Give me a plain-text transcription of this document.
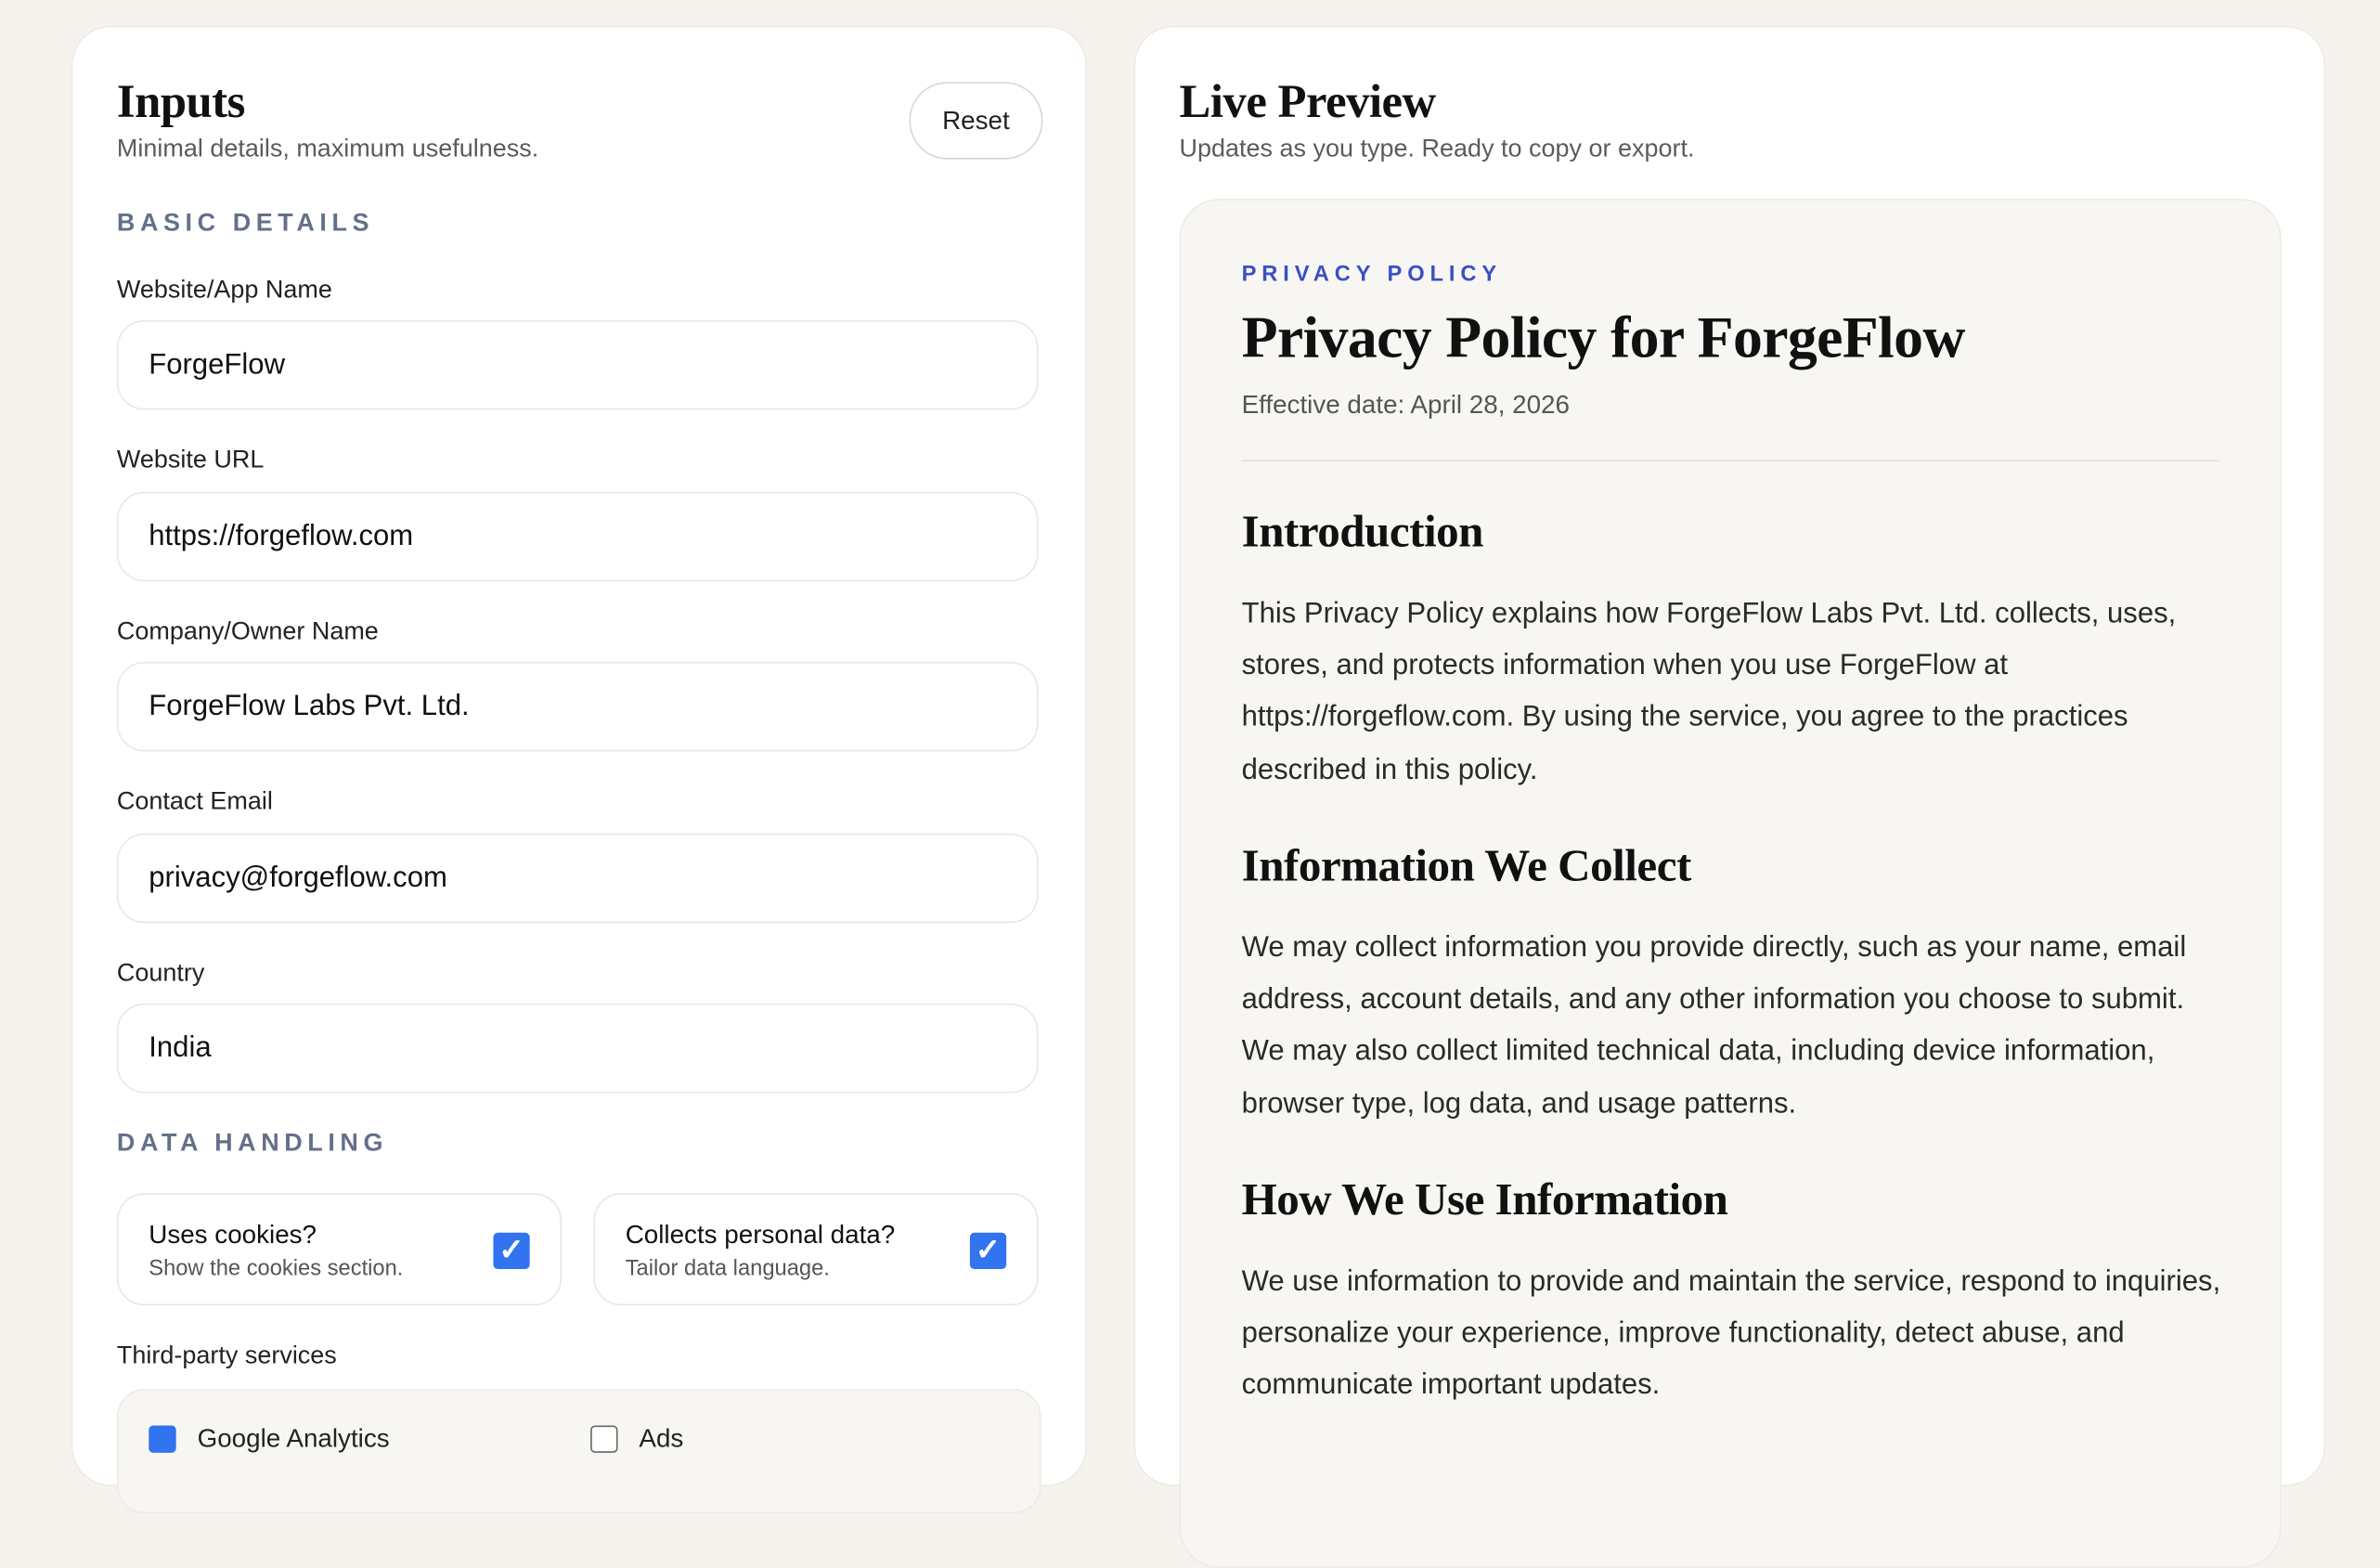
Inputs
Minimal details, maximum usefulness.
Reset
BASIC DETAILS
Website/App Name
ForgeFlow
Website URL
https://forgeflow.com
Company/Owner Name
ForgeFlow Labs Pvt. Ltd.
Contact Email
privacy@forgeflow.com
Country
India
DATA HANDLING
Uses cookies?
Show the cookies section.
✓	Collects personal data?
Tailor data language.
✓
Third-party services
Google Analytics	Ads
Live Preview
Updates as you type. Ready to copy or export.
PRIVACY POLICY
Privacy Policy for ForgeFlow
Effective date: April 28, 2026
Introduction
This Privacy Policy explains how ForgeFlow Labs Pvt. Ltd. collects, uses, stores, and protects information when you use ForgeFlow at https://forgeflow.com. By using the service, you agree to the practices described in this policy.
Information We Collect
We may collect information you provide directly, such as your name, email address, account details, and any other information you choose to submit. We may also collect limited technical data, including device information, browser type, log data, and usage patterns.
How We Use Information
We use information to provide and maintain the service, respond to inquiries, personalize your experience, improve functionality, detect abuse, and communicate important updates.
